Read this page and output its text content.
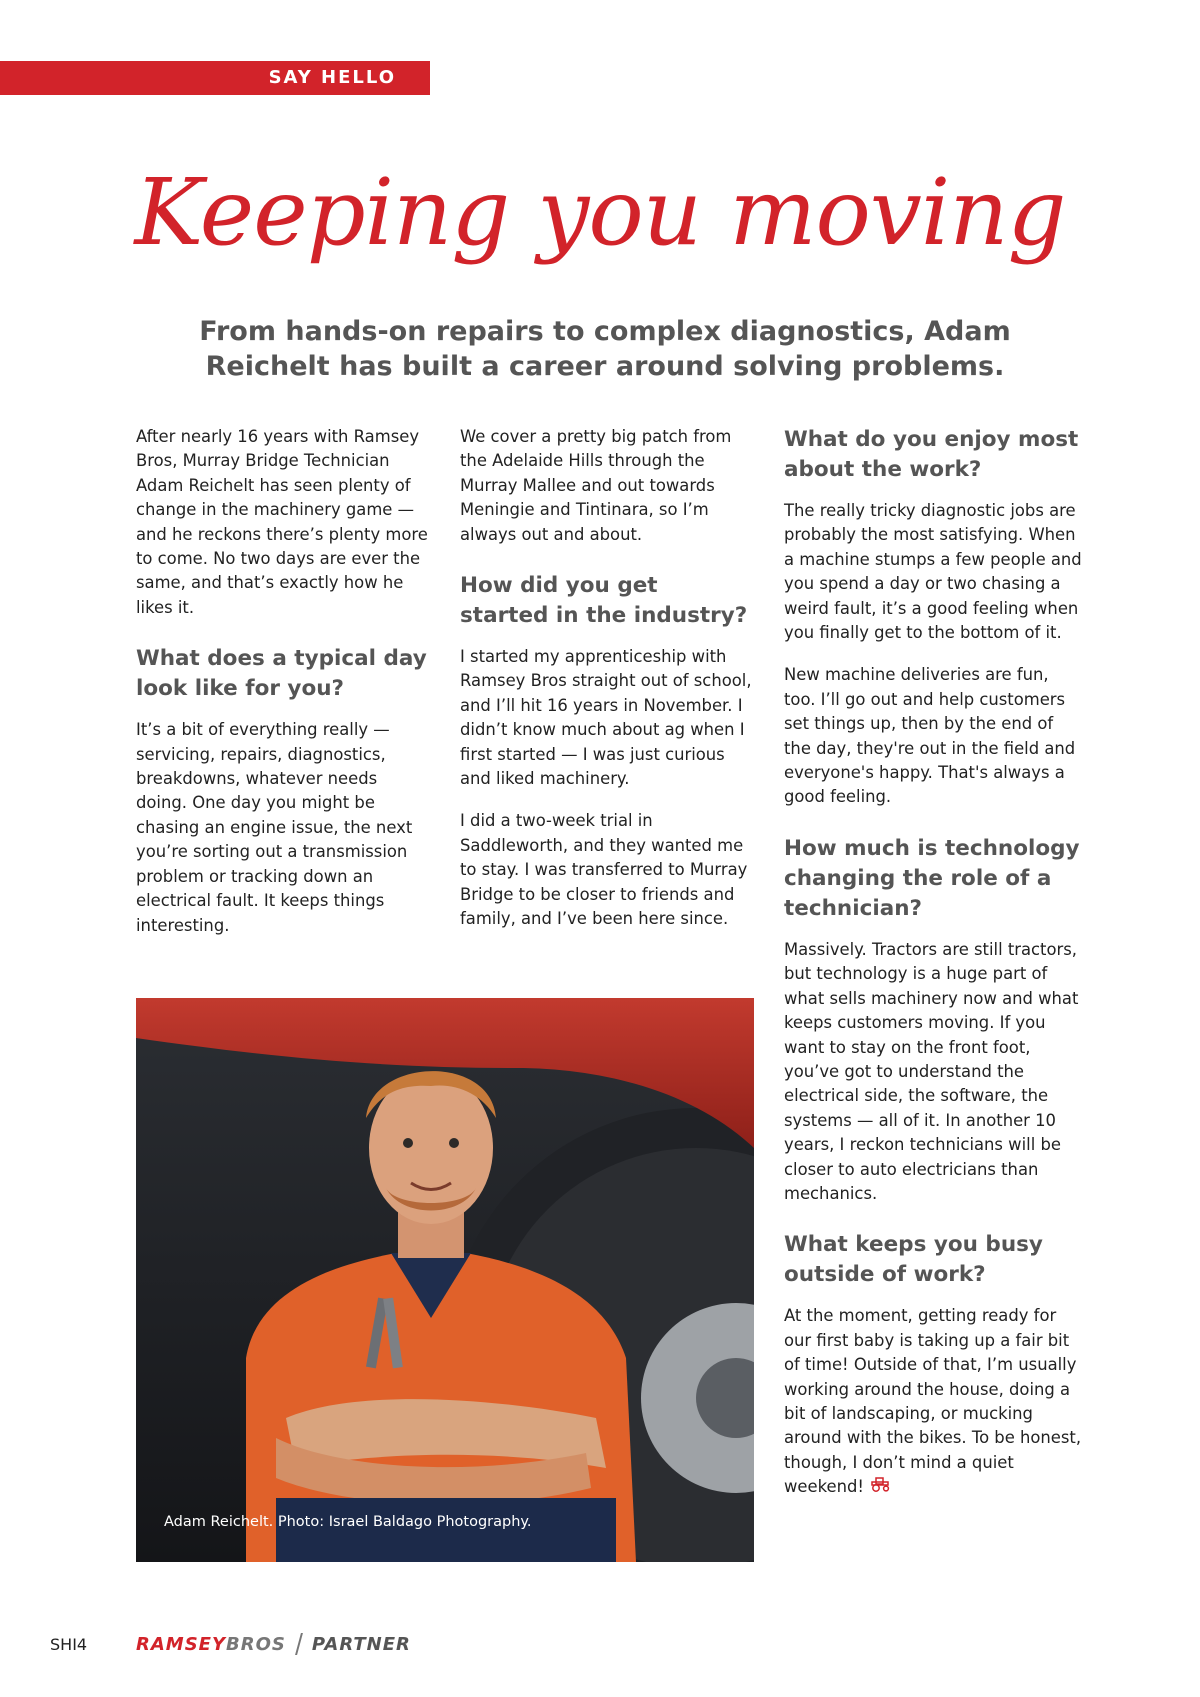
SAY HELLO
Keeping you moving
From hands-on repairs to complex diagnostics, Adam Reichelt has built a career around solving problems.

After nearly 16 years with Ramsey Bros, Murray Bridge Technician Adam Reichelt has seen plenty of change in the machinery game — and he reckons there’s plenty more to come. No two days are ever the same, and that’s exactly how he likes it.

What does a typical day look like for you?

It’s a bit of everything really — servicing, repairs, diagnostics, breakdowns, whatever needs doing. One day you might be chasing an engine issue, the next you’re sorting out a transmission problem or tracking down an electrical fault. It keeps things interesting.

We cover a pretty big patch from the Adelaide Hills through the Murray Mallee and out towards Meningie and Tintinara, so I’m always out and about.

How did you get started in the industry?

I started my apprenticeship with Ramsey Bros straight out of school, and I’ll hit 16 years in November. I didn’t know much about ag when I first started — I was just curious and liked machinery.

I did a two-week trial in Saddleworth, and they wanted me to stay. I was transferred to Murray Bridge to be closer to friends and family, and I’ve been here since.

What do you enjoy most about the work?

The really tricky diagnostic jobs are probably the most satisfying. When a machine stumps a few people and you spend a day or two chasing a weird fault, it’s a good feeling when you finally get to the bottom of it.

New machine deliveries are fun, too. I’ll go out and help customers set things up, then by the end of the day, they're out in the field and everyone's happy. That's always a good feeling.

How much is technology changing the role of a technician?

Massively. Tractors are still tractors, but technology is a huge part of what sells machinery now and what keeps customers moving. If you want to stay on the front foot, you’ve got to understand the electrical side, the software, the systems — all of it. In another 10 years, I reckon technicians will be closer to auto electricians than mechanics.

What keeps you busy outside of work?

At the moment, getting ready for our first baby is taking up a fair bit of time! Outside of that, I’m usually working around the house, doing a bit of landscaping, or mucking around with the bikes. To be honest, though, I don’t mind a quiet weekend!

Adam Reichelt. Photo: Israel Baldago Photography.
SHI4	RAMSEY BROS PARTNER
